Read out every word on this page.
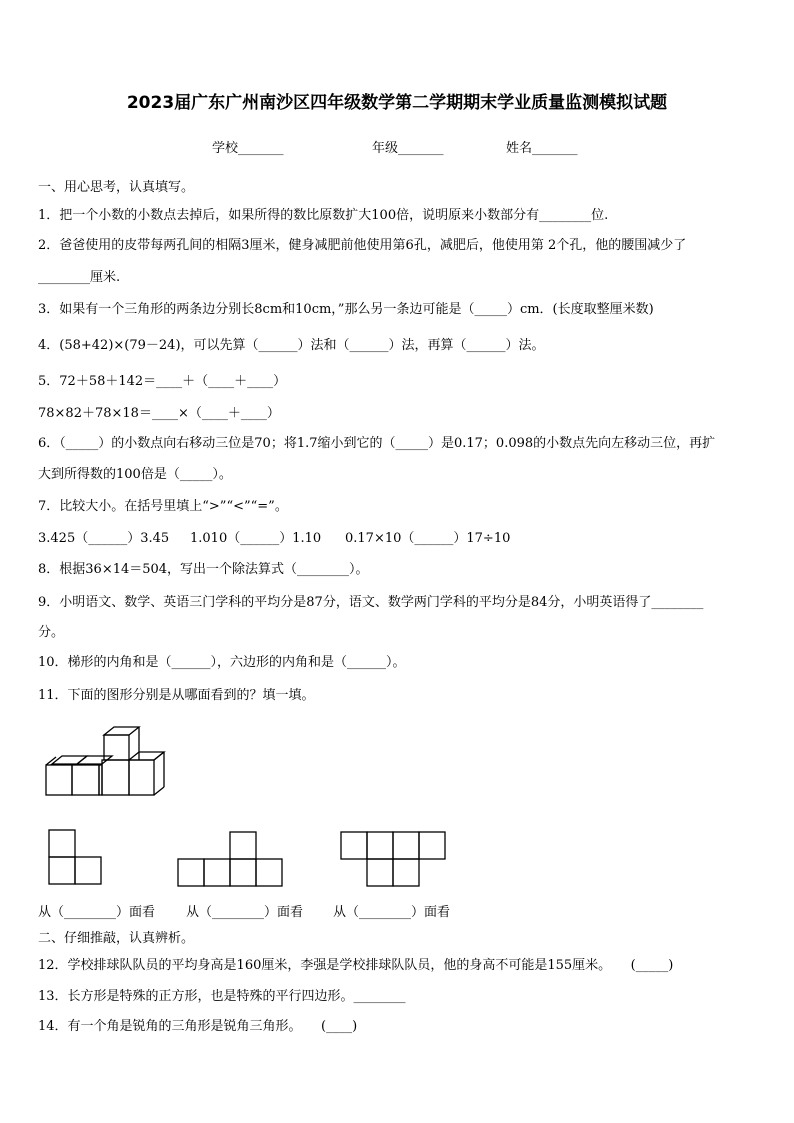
2023届广东广州南沙区四年级数学第二学期期末学业质量监测模拟试题
学校_______	年级_______	姓名_______
一、用心思考，认真填写。
1．把一个小数的小数点去掉后，如果所得的数比原数扩大100倍，说明原来小数部分有________位.
2．爸爸使用的皮带每两孔间的相隔3厘米，健身减肥前他使用第6孔，减肥后，他使用第 2个孔，他的腰围减少了
________厘米.
3．如果有一个三角形的两条边分别长8cm和10cm，”那么另一条边可能是（_____）cm．(长度取整厘米数)
4．(58+42)×(79－24)，可以先算（______）法和（______）法，再算（______）法。
5．72＋58＋142＝____＋（____＋____）
78×82＋78×18＝____×（____＋____）
6．（_____）的小数点向右移动三位是70；将1.7缩小到它的（_____）是0.17；0.098的小数点先向左移动三位，再扩
大到所得数的100倍是（_____）。
7．比较大小。在括号里填上“>”“<”“=”。
3.425（______）3.45 1.010（______）1.10 0.17×10（______）17÷10
8．根据36×14＝504，写出一个除法算式（________）。
9．小明语文、数学、英语三门学科的平均分是87分，语文、数学两门学科的平均分是84分，小明英语得了________
分。
10．梯形的内角和是（______），六边形的内角和是（______）。
11．下面的图形分别是从哪面看到的？填一填。
从（________）面看 从（________）面看 从（________）面看
二、仔细推敲，认真辨析。
12．学校排球队队员的平均身高是160厘米，李强是学校排球队队员，他的身高不可能是155厘米。　　(_____)
13．长方形是特殊的正方形，也是特殊的平行四边形。________
14．有一个角是锐角的三角形是锐角三角形。　　(____)
